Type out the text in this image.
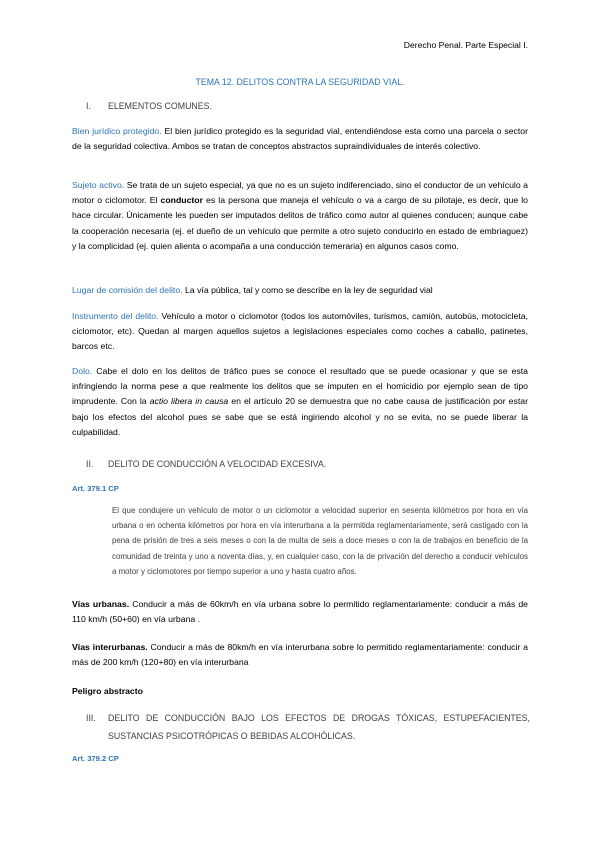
Derecho Penal. Parte Especial I.
TEMA 12. DELITOS CONTRA LA SEGURIDAD VIAL.
I. ELEMENTOS COMUNES.
Bien jurídico protegido. El bien jurídico protegido es la seguridad vial, entendiéndose esta como una parcela o sector de la seguridad colectiva. Ambos se tratan de conceptos abstractos supraindividuales de interés colectivo.
Sujeto activo. Se trata de un sujeto especial, ya que no es un sujeto indiferenciado, sino el conductor de un vehículo a motor o ciclomotor. El conductor es la persona que maneja el vehículo o va a cargo de su pilotaje, es decir, que lo hace circular. Únicamente les pueden ser imputados delitos de tráfico como autor al quienes conducen; aunque cabe la cooperación necesaria (ej. el dueño de un vehículo que permite a otro sujeto conducirlo en estado de embriaguez) y la complicidad (ej. quien alienta o acompaña a una conducción temeraria) en algunos casos como.
Lugar de comisión del delito. La vía pública, tal y como se describe en la ley de seguridad vial
Instrumento del delito. Vehículo a motor o ciclomotor (todos los automóviles, turismos, camión, autobús, motocicleta, ciclomotor, etc). Quedan al margen aquellos sujetos a legislaciones especiales como coches a caballo, patinetes, barcos etc.
Dolo. Cabe el dolo en los delitos de tráfico pues se conoce el resultado que se puede ocasionar y que se esta infringiendo la norma pese a que realmente los delitos que se imputen en el homicidio por ejemplo sean de tipo imprudente. Con la actio libera in causa en el artículo 20 se demuestra que no cabe causa de justificación por estar bajo los efectos del alcohol pues se sabe que se está ingiriendo alcohol y no se evita, no se puede liberar la culpabilidad.
II. DELITO DE CONDUCCIÓN A VELOCIDAD EXCESIVA.
Art. 379.1 CP
El que condujere un vehículo de motor o un ciclomotor a velocidad superior en sesenta kilómetros por hora en vía urbana o en ochenta kilómetros por hora en vía interurbana a la permitida reglamentariamente, será castigado con la pena de prisión de tres a seis meses o con la de multa de seis a doce meses o con la de trabajos en beneficio de la comunidad de treinta y uno a noventa días, y, en cualquier caso, con la de privación del derecho a conducir vehículos a motor y ciclomotores por tiempo superior a uno y hasta cuatro años.
Vías urbanas. Conducir a más de 60km/h en vía urbana sobre lo permitido reglamentariamente: conducir a más de 110 km/h (50+60) en vía urbana .
Vías interurbanas. Conducir a más de 80km/h en vía interurbana sobre lo permitido reglamentariamente: conducir a más de 200 km/h (120+80) en vía interurbana
Peligro abstracto
III. DELITO DE CONDUCCIÓN BAJO LOS EFECTOS DE DROGAS TÓXICAS, ESTUPEFACIENTES, SUSTANCIAS PSICOTRÓPICAS O BEBIDAS ALCOHÓLICAS.
Art. 379.2 CP
